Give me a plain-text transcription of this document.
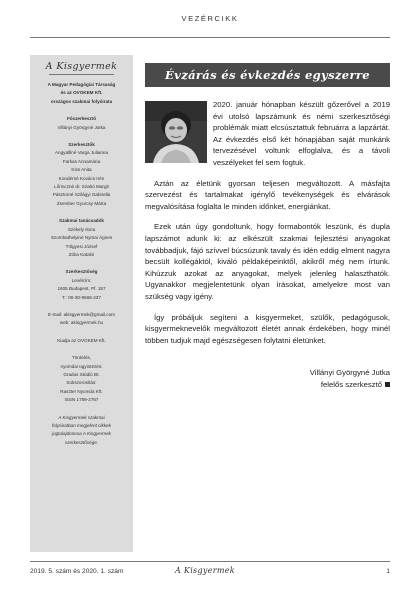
VEZÉRCIKK
A Kisgyermek
A Magyar Pedagógiai Társaság
és az OVOKEM Kft.
országos szakmai folyóirata
Főszerkesztő
Villányi Györgyné Jutka
Szerkesztők
Angyalfiné Varga Julianna
Farkas Annamária
Kiss Anita
Kondérné Kovács Irén
Lőrinczné dr. Szabó Margit
Pásztorné Szilágyi Gabriella
Zsember Gyurcsy Márta
Szakmai tanácsadók
Székely Ilona
Szombathelyiné Nyitrai Ágnes
Tölgyesi József
Zóka Katalin
Szerkesztőség
Levélcím:
1605 Budapest, Pf. 157
T.: 06-30-9665-237
E-mail: akisgyermek@gmail.com
web: akisgyermek.hu
Kiadja az OVOKEM Kft.
Tördelés,
nyomdai ügyintézés:
Gradus Stúdió Bt.
Sokszorosítás:
Raszter Nyomda Kft.
ISSN 1789-2767
A Kisgyermek szakmai
folyóiratban megjelent cikkek
jogtulajdonosa A Kisgyermek
szerkesztősége.
Évzárás és évkezdés egyszerre

2020. január hónapban készült gőzerővel a 2019 évi utolsó lapszámunk és némi szerkesztőségi problémák miatt elcsúsztattuk februárra a lapzártát. Az évkezdés első két hónapjában saját munkánk tervezésével voltunk elfoglalva, és a távoli veszélyeket fel sem fogtuk.

Aztán az életünk gyorsan teljesen megváltozott. A másfajta szervezést és tartalmakat igénylő tevékenységek és elvárások megvalósítása foglalta le minden időnket, energiánkat.

Ezek után úgy gondoltunk, hogy formabontók leszünk, és dupla lapszámot adunk ki: az elkészült szakmai fejlesztési anyagokat továbbadjuk, fájó szívvel búcsúzunk tavaly és idén eddig elment nagyra becsült kollégáktól, kiváló példaképeinktől, akikről még nem írtunk. Kihúzzuk azokat az anyagokat, melyek jelenleg halaszthatók. Ugyanakkor megjelentetünk olyan írásokat, amelyekre most van szükség vagy igény.

Így próbáljuk segíteni a kisgyermeket, szülők, pedagógusok, kisgyermeknevelők megváltozott életét annak érdekében, hogy minél többen tudjuk majd egészségesen folytatni életünket.

Villányi Györgyné Jutka
felelős szerkesztő
2019. 5. szám és 2020. 1. szám	A Kisgyermek	1
